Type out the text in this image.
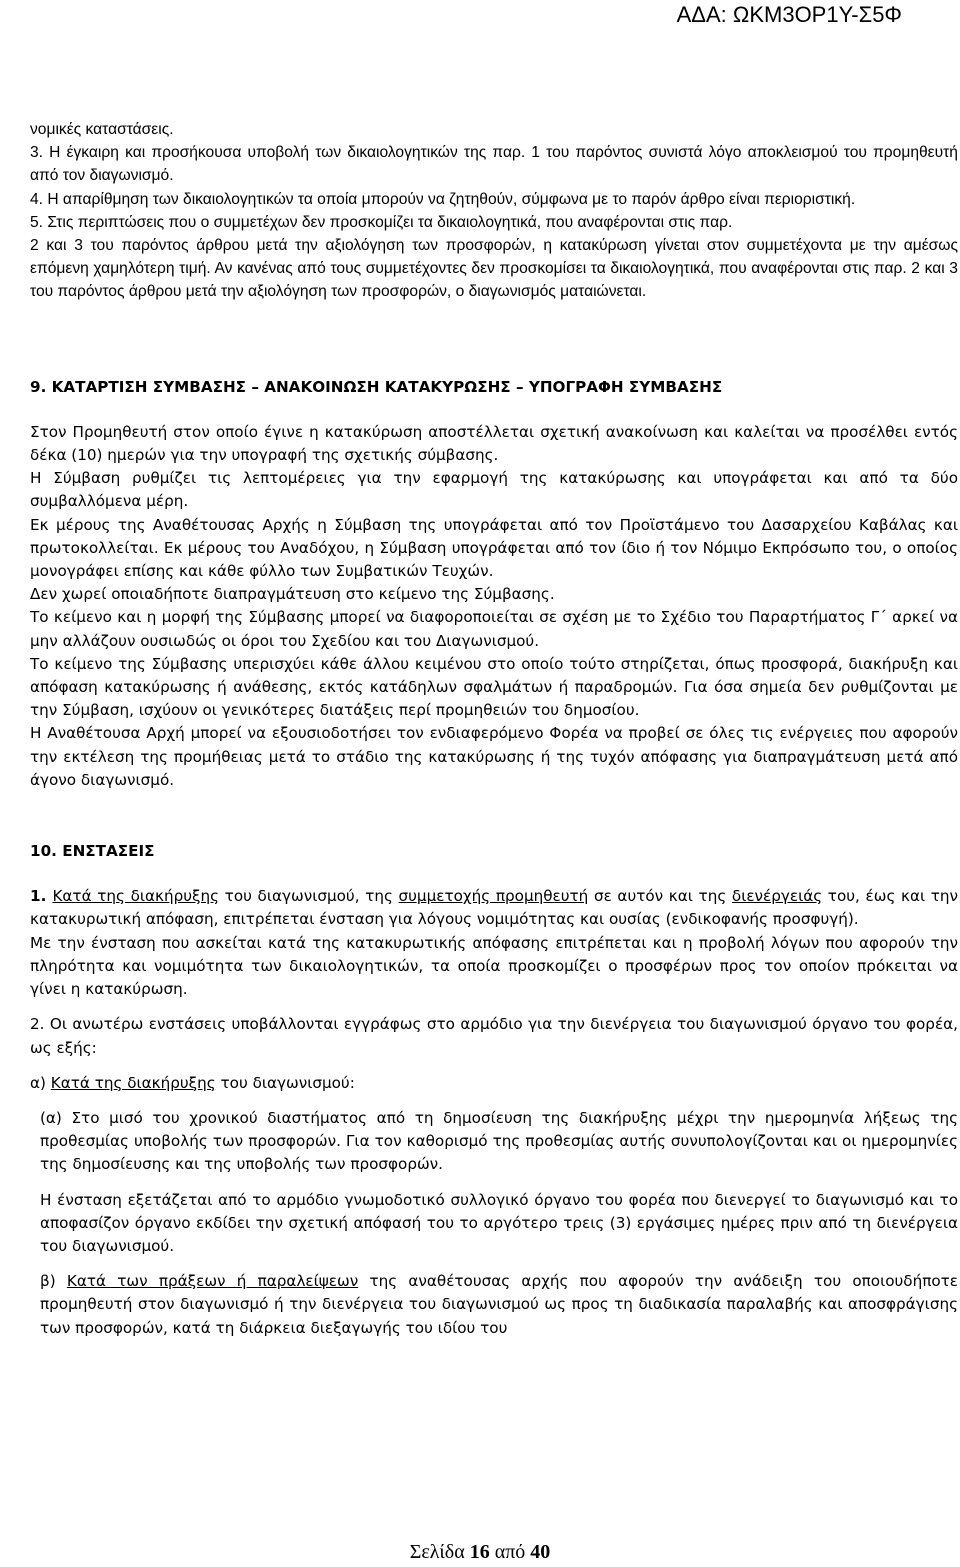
ΑΔΑ: ΩΚΜ3ΟΡ1Υ-Σ5Φ

νομικές καταστάσεις.

3. Η έγκαιρη και προσήκουσα υποβολή των δικαιολογητικών της παρ. 1 του παρόντος συνιστά λόγο αποκλεισμού του προμηθευτή από τον διαγωνισμό.

4. Η απαρίθμηση των δικαιολογητικών τα οποία μπορούν να ζητηθούν, σύμφωνα με το παρόν άρθρο είναι περιοριστική.

5. Στις περιπτώσεις που ο συμμετέχων δεν προσκομίζει τα δικαιολογητικά, που αναφέρονται στις παρ.

2 και 3 του παρόντος άρθρου μετά την αξιολόγηση των προσφορών, η κατακύρωση γίνεται στον συμμετέχοντα με την αμέσως επόμενη χαμηλότερη τιμή. Αν κανένας από τους συμμετέχοντες δεν προσκομίσει τα δικαιολογητικά, που αναφέρονται στις παρ. 2 και 3 του παρόντος άρθρου μετά την αξιολόγηση των προσφορών, ο διαγωνισμός ματαιώνεται.

9. ΚΑΤΑΡΤΙΣΗ ΣΥΜΒΑΣΗΣ – ΑΝΑΚΟΙΝΩΣΗ ΚΑΤΑΚΥΡΩΣΗΣ – ΥΠΟΓΡΑΦΗ ΣΥΜΒΑΣΗΣ

Στον Προμηθευτή στον οποίο έγινε η κατακύρωση αποστέλλεται σχετική ανακοίνωση και καλείται να προσέλθει εντός δέκα (10) ημερών για την υπογραφή της σχετικής σύμβασης.

Η Σύμβαση ρυθμίζει τις λεπτομέρειες για την εφαρμογή της κατακύρωσης και υπογράφεται και από τα δύο συμβαλλόμενα μέρη.

Εκ μέρους της Αναθέτουσας Αρχής η Σύμβαση της υπογράφεται από τον Προϊστάμενο του Δασαρχείου Καβάλας και πρωτοκολλείται. Εκ μέρους του Αναδόχου, η Σύμβαση υπογράφεται από τον ίδιο ή τον Νόμιμο Εκπρόσωπο του, ο οποίος μονογράφει επίσης και κάθε φύλλο των Συμβατικών Τευχών.

Δεν χωρεί οποιαδήποτε διαπραγμάτευση στο κείμενο της Σύμβασης.

Το κείμενο και η μορφή της Σύμβασης μπορεί να διαφοροποιείται σε σχέση με το Σχέδιο του Παραρτήματος Γ΄ αρκεί να μην αλλάζουν ουσιωδώς οι όροι του Σχεδίου και του Διαγωνισμού.

Το κείμενο της Σύμβασης υπερισχύει κάθε άλλου κειμένου στο οποίο τούτο στηρίζεται, όπως προσφορά, διακήρυξη και απόφαση κατακύρωσης ή ανάθεσης, εκτός κατάδηλων σφαλμάτων ή παραδρομών. Για όσα σημεία δεν ρυθμίζονται με την Σύμβαση, ισχύουν οι γενικότερες διατάξεις περί προμηθειών του δημοσίου.

Η Αναθέτουσα Αρχή μπορεί να εξουσιοδοτήσει τον ενδιαφερόμενο Φορέα να προβεί σε όλες τις ενέργειες που αφορούν την εκτέλεση της προμήθειας μετά το στάδιο της κατακύρωσης ή της τυχόν απόφασης για διαπραγμάτευση μετά από άγονο διαγωνισμό.

10. ΕΝΣΤΑΣΕΙΣ

1. Κατά της διακήρυξης του διαγωνισμού, της συμμετοχής προμηθευτή σε αυτόν και της διενέργειάς του, έως και την κατακυρωτική απόφαση, επιτρέπεται ένσταση για λόγους νομιμότητας και ουσίας (ενδικοφανής προσφυγή).

Με την ένσταση που ασκείται κατά της κατακυρωτικής απόφασης επιτρέπεται και η προβολή λόγων που αφορούν την πληρότητα και νομιμότητα των δικαιολογητικών, τα οποία προσκομίζει ο προσφέρων προς τον οποίον πρόκειται να γίνει η κατακύρωση.

2. Οι ανωτέρω ενστάσεις υποβάλλονται εγγράφως στο αρμόδιο για την διενέργεια του διαγωνισμού όργανο του φορέα, ως εξής:

α) Κατά της διακήρυξης του διαγωνισμού:

(α) Στο μισό του χρονικού διαστήματος από τη δημοσίευση της διακήρυξης μέχρι την ημερομηνία λήξεως της προθεσμίας υποβολής των προσφορών. Για τον καθορισμό της προθεσμίας αυτής συνυπολογίζονται και οι ημερομηνίες της δημοσίευσης και της υποβολής των προσφορών.

Η ένσταση εξετάζεται από το αρμόδιο γνωμοδοτικό συλλογικό όργανο του φορέα που διενεργεί το διαγωνισμό και το αποφασίζον όργανο εκδίδει την σχετική απόφασή του το αργότερο τρεις (3) εργάσιμες ημέρες πριν από τη διενέργεια του διαγωνισμού.

β) Κατά των πράξεων ή παραλείψεων της αναθέτουσας αρχής που αφορούν την ανάδειξη του οποιουδήποτε προμηθευτή στον διαγωνισμό ή την διενέργεια του διαγωνισμού ως προς τη διαδικασία παραλαβής και αποσφράγισης των προσφορών, κατά τη διάρκεια διεξαγωγής του ιδίου του

Σελίδα 16 από 40
